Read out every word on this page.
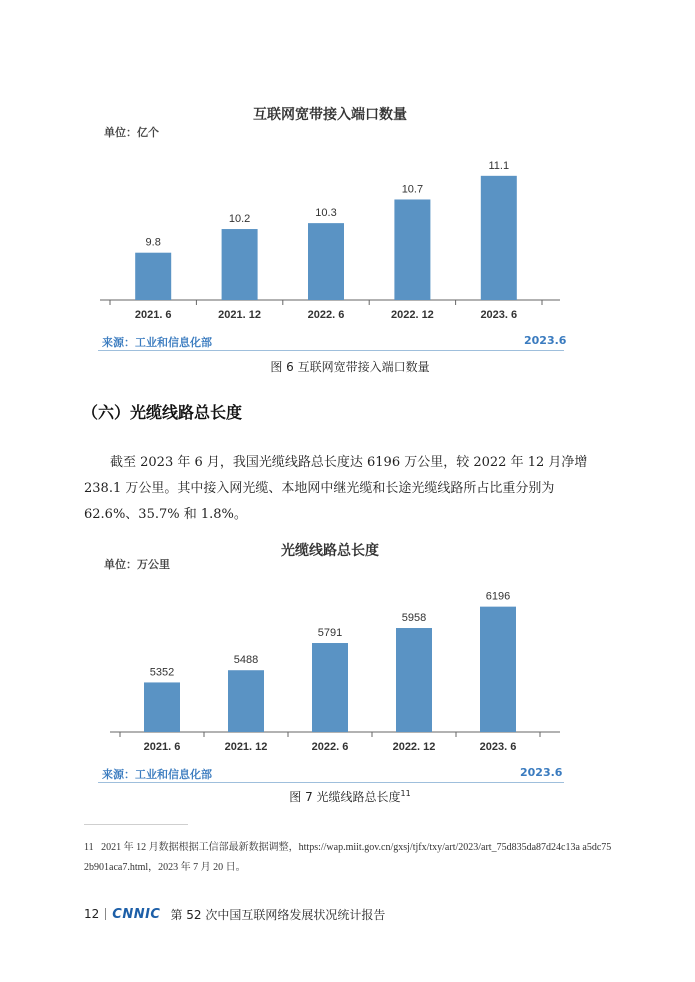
互联网宽带接入端口数量
单位：亿个
9.8
2021. 6
10.2
2021. 12
10.3
2022. 6
10.7
2022. 12
11.1
2023. 6
来源：工业和信息化部	2023.6
图 6 互联网宽带接入端口数量
（六）光缆线路总长度
截至 2023 年 6 月，我国光缆线路总长度达 6196 万公里，较 2022 年 12 月净增
238.1 万公里。其中接入网光缆、本地网中继光缆和长途光缆线路所占比重分别为
62.6%、35.7% 和 1.8%。
光缆线路总长度
单位：万公里
5352
2021. 6
5488
2021. 12
5791
2022. 6
5958
2022. 12
6196
2023. 6
来源：工业和信息化部	2023.6
图 7 光缆线路总长度$^{11}$
11 2021 年 12 月数据根据工信部最新数据调整，https://wap.miit.gov.cn/gxsj/tjfx/txy/art/2023/art_75d835da87d24c13a a5dc752b901aca7.html，2023 年 7 月 20 日。
12 CNNIC 第 52 次中国互联网络发展状况统计报告
